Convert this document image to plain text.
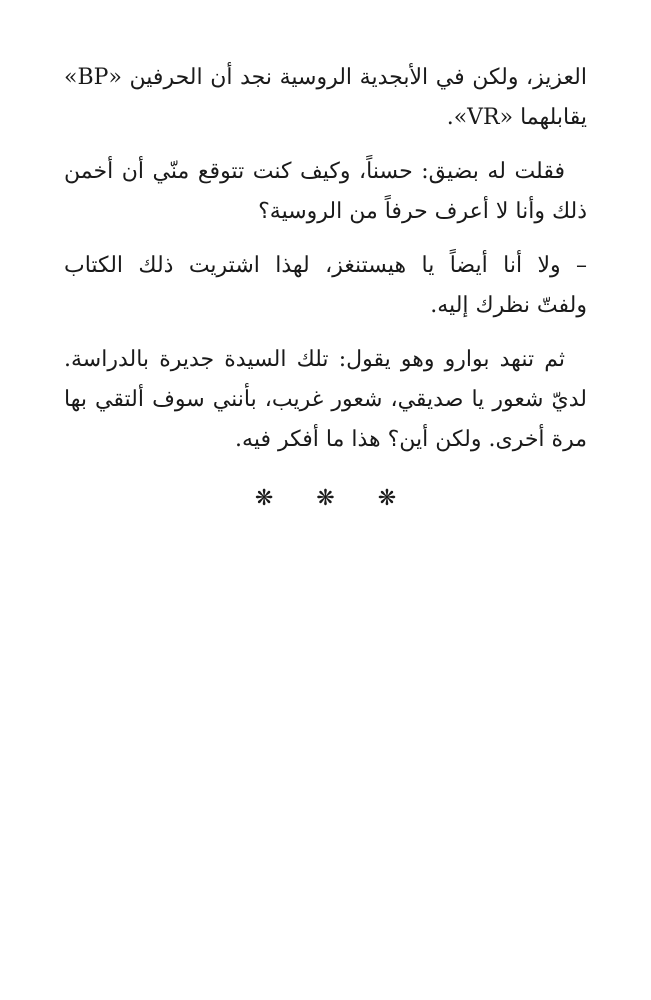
العزيز، ولكن في الأبجدية الروسية نجد أن الحرفين «BP»
يقابلهما «VR».
فقلت له بضيق: حسناً، وكيف كنت تتوقع منّي أن أخمن
ذلك وأنا لا أعرف حرفاً من الروسية؟
– ولا أنا أيضاً يا هيستنغز، لهذا اشتريت ذلك الكتاب
ولفتّ نظرك إليه.
ثم تنهد بوارو وهو يقول: تلك السيدة جديرة بالدراسة.
لديّ شعور يا صديقي، شعور غريب، بأنني سوف ألتقي بها
مرة أخرى. ولكن أين؟ هذا ما أفكر فيه.
❋ ❋ ❋
